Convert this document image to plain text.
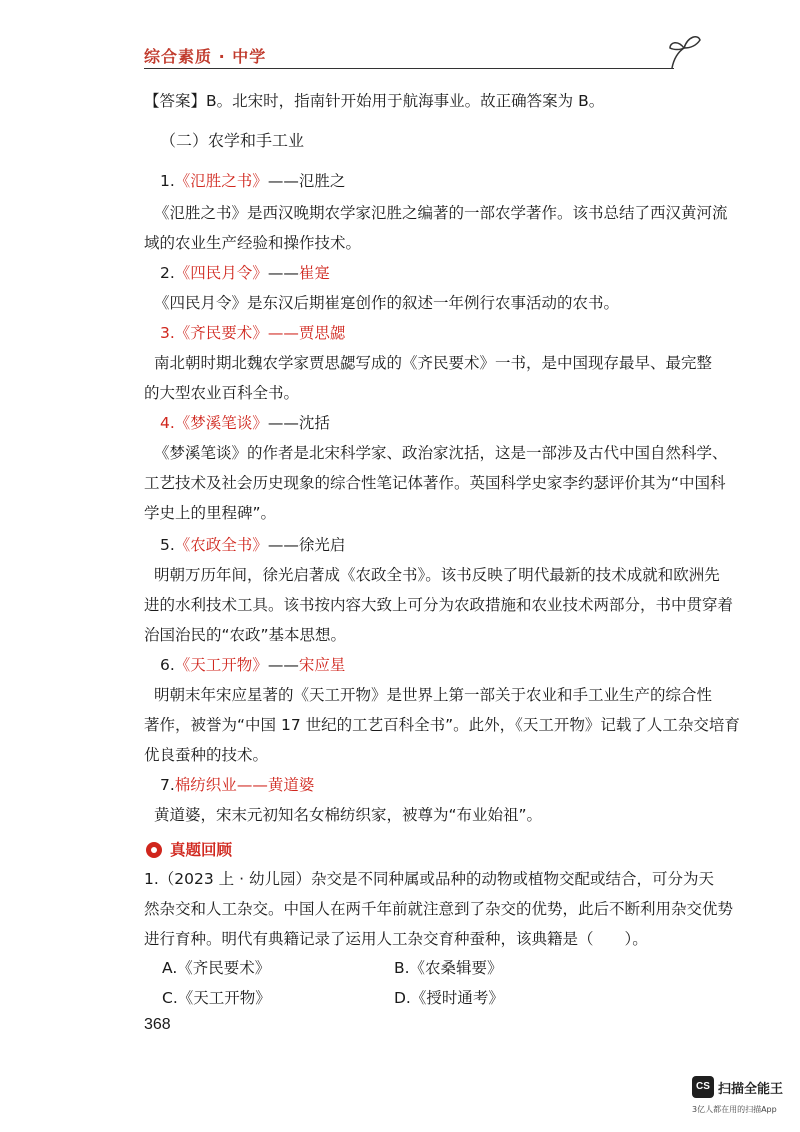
综合素质 · 中学
【答案】B。北宋时，指南针开始用于航海事业。故正确答案为 B。
（二）农学和手工业
1.《氾胜之书》——氾胜之
《氾胜之书》是西汉晚期农学家氾胜之编著的一部农学著作。该书总结了西汉黄河流
域的农业生产经验和操作技术。
2.《四民月令》——崔寔
《四民月令》是东汉后期崔寔创作的叙述一年例行农事活动的农书。
3.《齐民要术》——贾思勰
南北朝时期北魏农学家贾思勰写成的《齐民要术》一书，是中国现存最早、最完整
的大型农业百科全书。
4.《梦溪笔谈》——沈括
《梦溪笔谈》的作者是北宋科学家、政治家沈括，这是一部涉及古代中国自然科学、
工艺技术及社会历史现象的综合性笔记体著作。英国科学史家李约瑟评价其为“中国科
学史上的里程碑”。
5.《农政全书》——徐光启
明朝万历年间，徐光启著成《农政全书》。该书反映了明代最新的技术成就和欧洲先
进的水利技术工具。该书按内容大致上可分为农政措施和农业技术两部分，书中贯穿着
治国治民的“农政”基本思想。
6.《天工开物》——宋应星
明朝末年宋应星著的《天工开物》是世界上第一部关于农业和手工业生产的综合性
著作，被誉为“中国 17 世纪的工艺百科全书”。此外，《天工开物》记载了人工杂交培育
优良蚕种的技术。
7.棉纺织业——黄道婆
黄道婆，宋末元初知名女棉纺织家，被尊为“布业始祖”。
真题回顾
1.（2023 上 · 幼儿园）杂交是不同种属或品种的动物或植物交配或结合，可分为天
然杂交和人工杂交。中国人在两千年前就注意到了杂交的优势，此后不断利用杂交优势
进行育种。明代有典籍记录了运用人工杂交育种蚕种，该典籍是（　　）。
A.《齐民要术》	B.《农桑辑要》
C.《天工开物》	D.《授时通考》
368
CS 扫描全能王
3亿人都在用的扫描App
